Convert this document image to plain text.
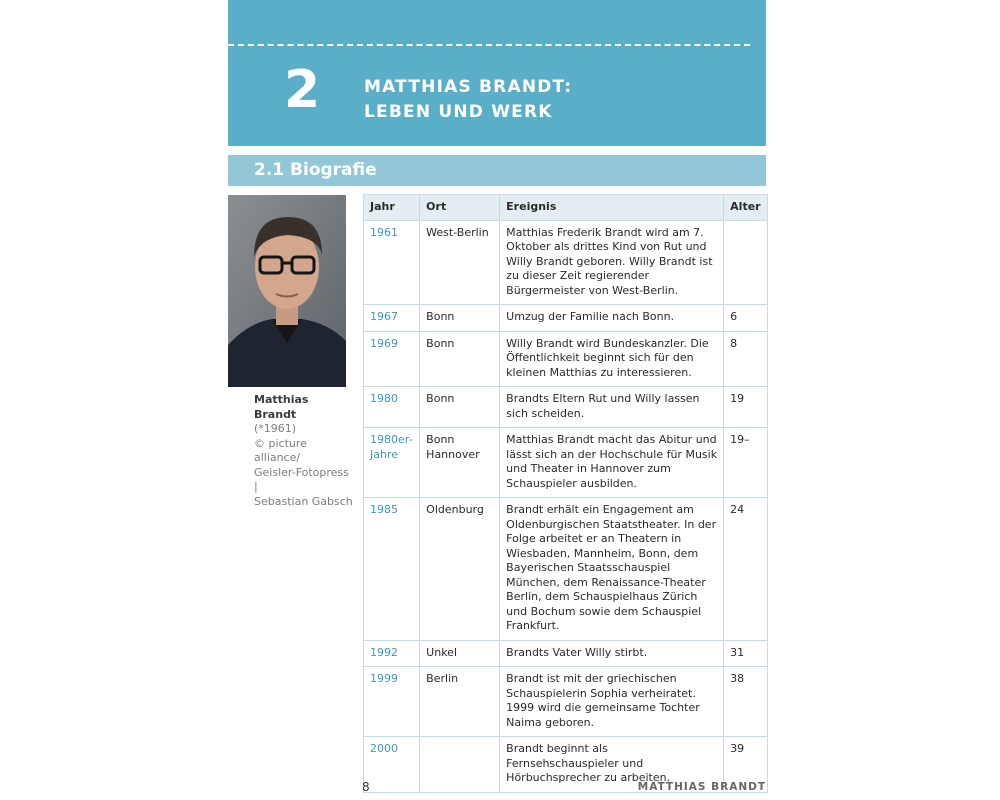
2	MATTHIAS BRANDT:
LEBEN UND WERK
2.1 Biografie
Matthias Brandt
(*1961)
© picture alliance/
Geisler-Fotopress |
Sebastian Gabsch
Jahr	Ort	Ereignis	Alter
1961	West-Berlin	Matthias Frederik Brandt wird am 7. Oktober als drittes Kind von Rut und Willy Brandt geboren. Willy Brandt ist zu dieser Zeit regierender Bürgermeister von West-Berlin.	
1967	Bonn	Umzug der Familie nach Bonn.	6
1969	Bonn	Willy Brandt wird Bundeskanzler. Die Öffentlichkeit beginnt sich für den kleinen Matthias zu interessieren.	8
1980	Bonn	Brandts Eltern Rut und Willy lassen sich scheiden.	19
1980er-Jahre	Bonn Hannover	Matthias Brandt macht das Abitur und lässt sich an der Hochschule für Musik und Theater in Hannover zum Schauspieler ausbilden.	19–
1985	Oldenburg	Brandt erhält ein Engagement am Oldenburgischen Staatstheater. In der Folge arbeitet er an Theatern in Wiesbaden, Mannheim, Bonn, dem Bayerischen Staatsschauspiel München, dem Renaissance-Theater Berlin, dem Schauspielhaus Zürich und Bochum sowie dem Schauspiel Frankfurt.	24
1992	Unkel	Brandts Vater Willy stirbt.	31
1999	Berlin	Brandt ist mit der griechischen Schauspielerin Sophia verheiratet. 1999 wird die gemeinsame Tochter Naima geboren.	38
2000		Brandt beginnt als Fernsehschauspieler und Hörbuchsprecher zu arbeiten.	39
8	MATTHIAS BRANDT
